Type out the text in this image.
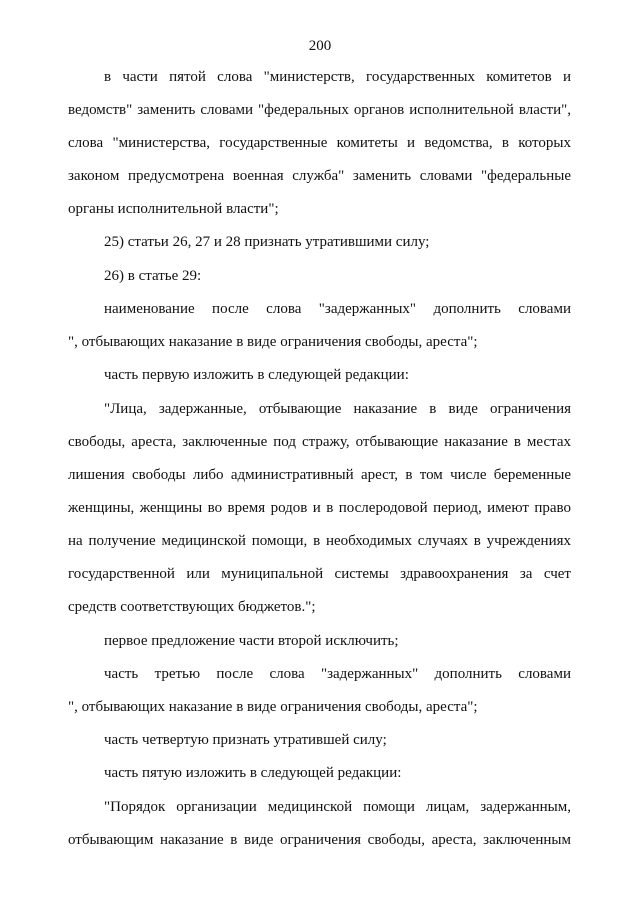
200
в части пятой слова "министерств, государственных комитетов и
ведомств" заменить словами "федеральных органов исполнительной власти",
слова "министерства, государственные комитеты и ведомства, в которых
законом предусмотрена военная служба" заменить словами "федеральные
органы исполнительной власти";
25) статьи 26, 27 и 28 признать утратившими силу;
26) в статье 29:
наименование после слова "задержанных" дополнить словами
", отбывающих наказание в виде ограничения свободы, ареста";
часть первую изложить в следующей редакции:
"Лица, задержанные, отбывающие наказание в виде ограничения
свободы, ареста, заключенные под стражу, отбывающие наказание в местах
лишения свободы либо административный арест, в том числе беременные
женщины, женщины во время родов и в послеродовой период, имеют право
на получение медицинской помощи, в необходимых случаях в учреждениях
государственной или муниципальной системы здравоохранения за счет
средств соответствующих бюджетов.";
первое предложение части второй исключить;
часть третью после слова "задержанных" дополнить словами
", отбывающих наказание в виде ограничения свободы, ареста";
часть четвертую признать утратившей силу;
часть пятую изложить в следующей редакции:
"Порядок организации медицинской помощи лицам, задержанным,
отбывающим наказание в виде ограничения свободы, ареста, заключенным
